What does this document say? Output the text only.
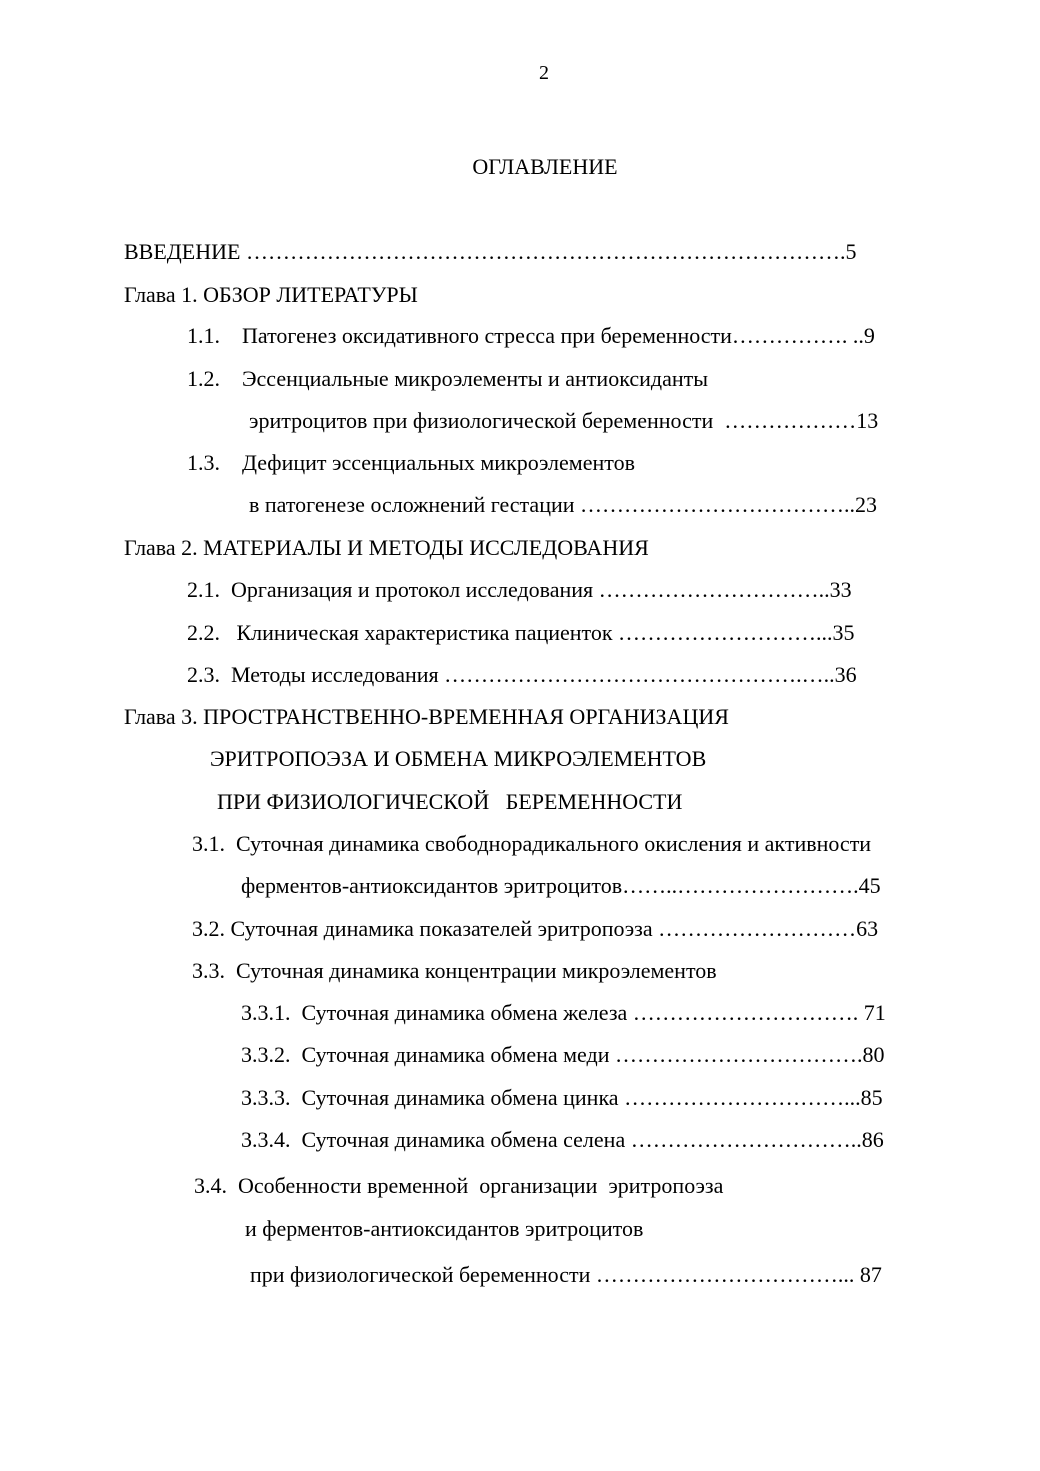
2
ОГЛАВЛЕНИЕ
ВВЕДЕНИЕ ……………………………………………………………………….5
Глава 1. ОБЗОР ЛИТЕРАТУРЫ
1.1.    Патогенез оксидативного стресса при беременности……………. ..9
1.2.    Эссенциальные микроэлементы и антиоксиданты
эритроцитов при физиологической беременности  ………………13
1.3.    Дефицит эссенциальных микроэлементов
в патогенезе осложнений гестации ………………………………..23
Глава 2. МАТЕРИАЛЫ И МЕТОДЫ ИССЛЕДОВАНИЯ
2.1.  Организация и протокол исследования …………………………..33
2.2.   Клиническая характеристика пациенток ………………………...35
2.3.  Методы исследования ………………………………………….…..36
Глава 3. ПРОСТРАНСТВЕННО-ВРЕМЕННАЯ ОРГАНИЗАЦИЯ
ЭРИТРОПОЭЗА И ОБМЕНА МИКРОЭЛЕМЕНТОВ
ПРИ ФИЗИОЛОГИЧЕСКОЙ   БЕРЕМЕННОСТИ
3.1.  Суточная динамика свободнорадикального окисления и активности
ферментов-антиоксидантов эритроцитов……..…………………….45
3.2. Суточная динамика показателей эритропоэза ………………………63
3.3.  Суточная динамика концентрации микроэлементов
3.3.1.  Суточная динамика обмена железа …………………………. 71
3.3.2.  Суточная динамика обмена меди …………………………….80
3.3.3.  Суточная динамика обмена цинка …………………………...85
3.3.4.  Суточная динамика обмена селена …………………………..86
3.4.  Особенности временной  организации  эритропоэза
и ферментов-антиоксидантов эритроцитов
при физиологической беременности ……………………………... 87
